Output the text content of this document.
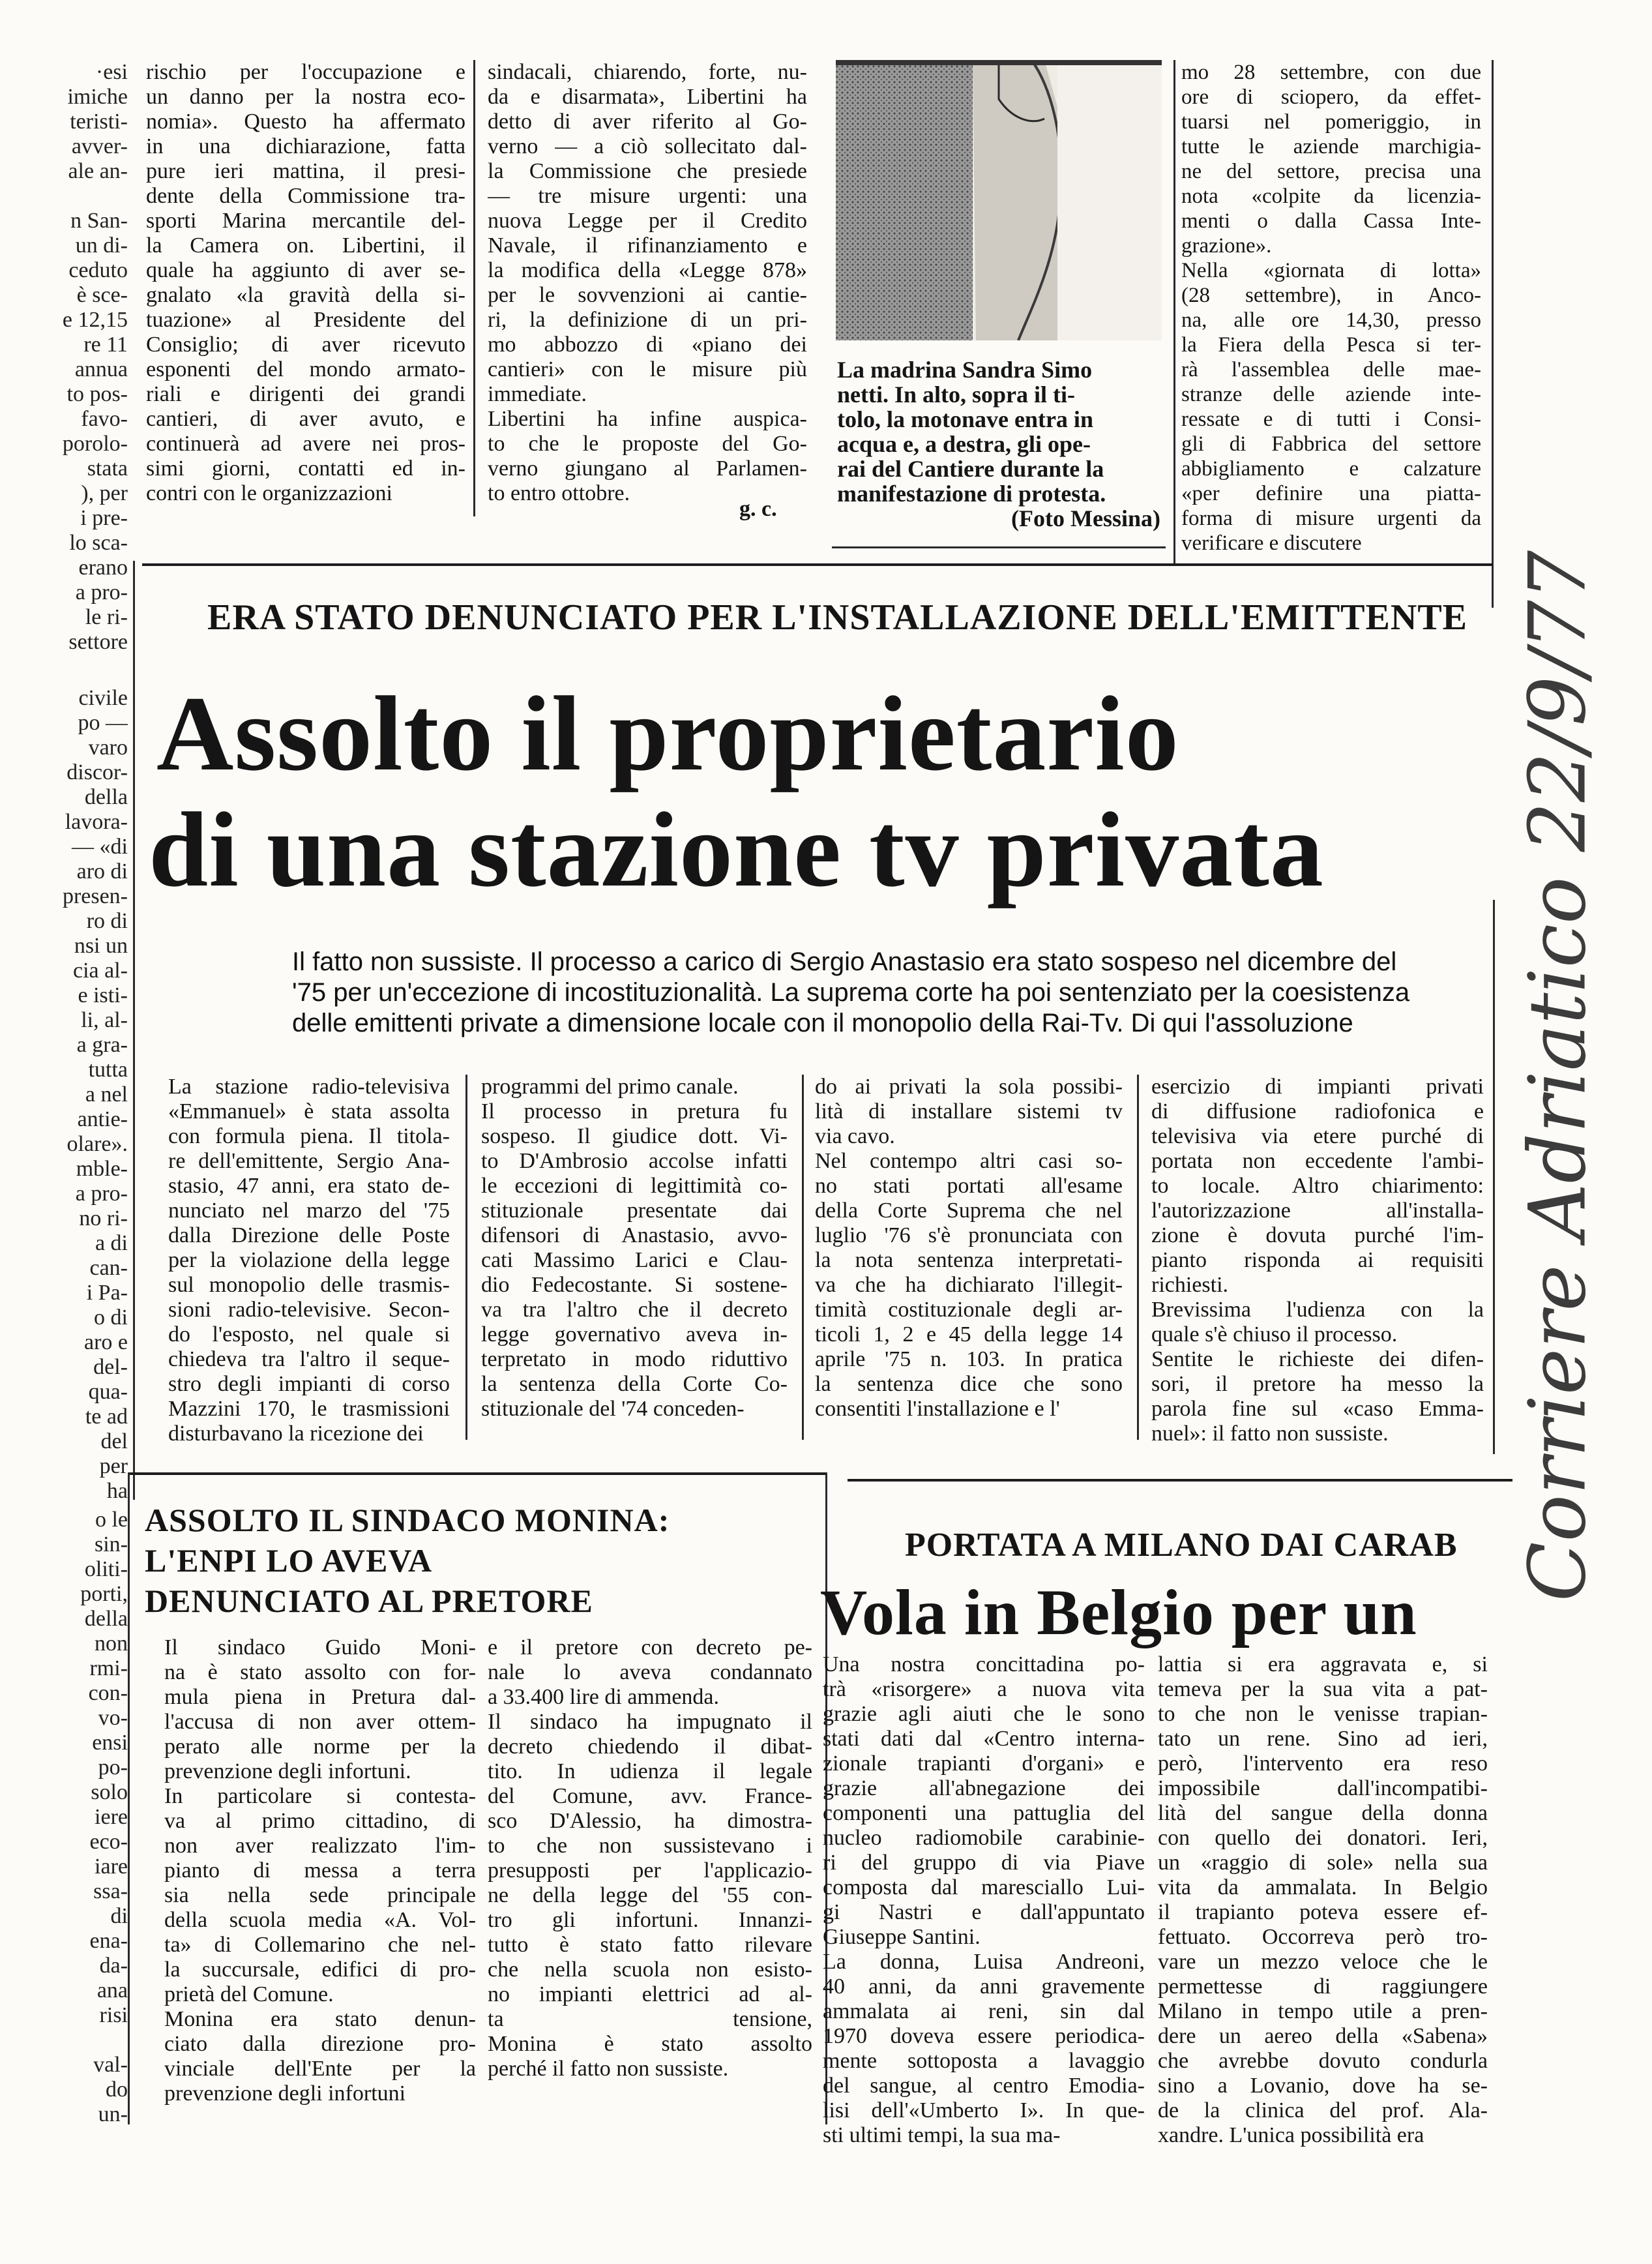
·esi
imiche
teristi-
avver-
ale an-

n San-
un di-
ceduto
è sce-
e 12,15
re 11
annua
to pos-
favo-
porolo-
stata
), per
i pre-
lo sca-
erano
a pro-
le ri-
settore
civile
po —
varo
discor-
della
lavora-
— «di
aro di
presen-
ro di
nsi un
cia al-
e isti-
li, al-
a gra-
tutta
a nel
antie-
olare».
mble-
a pro-
no ri-
a di
can-
i Pa-
o di
aro e
del-
qua-
te ad
del
per
ha
o le
sin-
oliti-
porti,
della
non
rmi-
con-
vo-
ensi
po-
solo
iere
eco-
iare
ssa-
di
ena-
da-
ana
risi

val-
do
un-
rischio per l'occupazione e
un danno per la nostra eco-
nomia». Questo ha affermato
in una dichiarazione, fatta
pure ieri mattina, il presi-
dente della Commissione tra-
sporti Marina mercantile del-
la Camera on. Libertini, il
quale ha aggiunto di aver se-
gnalato «la gravità della si-
tuazione» al Presidente del
Consiglio; di aver ricevuto
esponenti del mondo armato-
riali e dirigenti dei grandi
cantieri, di aver avuto, e
continuerà ad avere nei pros-
simi giorni, contatti ed in-
contri con le organizzazioni
sindacali, chiarendo, forte, nu-
da e disarmata», Libertini ha
detto di aver riferito al Go-
verno — a ciò sollecitato dal-
la Commissione che presiede
— tre misure urgenti: una
nuova Legge per il Credito
Navale, il rifinanziamento e
la modifica della «Legge 878»
per le sovvenzioni ai cantie-
ri, la definizione di un pri-
mo abbozzo di «piano dei
cantieri» con le misure più
immediate.
Libertini ha infine auspica-
to che le proposte del Go-
verno giungano al Parlamen-
to entro ottobre.
g. c.
La madrina Sandra Simo
netti. In alto, sopra il ti-
tolo, la motonave entra in
acqua e, a destra, gli ope-
rai del Cantiere durante la
manifestazione di protesta.
(Foto Messina)
mo 28 settembre, con due
ore di sciopero, da effet-
tuarsi nel pomeriggio, in
tutte le aziende marchigia-
ne del settore, precisa una
nota «colpite da licenzia-
menti o dalla Cassa Inte-
grazione».
Nella «giornata di lotta»
(28 settembre), in Anco-
na, alle ore 14,30, presso
la Fiera della Pesca si ter-
rà l'assemblea delle mae-
stranze delle aziende inte-
ressate e di tutti i Consi-
gli di Fabbrica del settore
abbigliamento e calzature
«per definire una piatta-
forma di misure urgenti da
verificare e discutere
ERA STATO DENUNCIATO PER L'INSTALLAZIONE DELL'EMITTENTE
Assolto il proprietario
di una stazione tv privata
Il fatto non sussiste. Il processo a carico di Sergio Anastasio era stato sospeso nel dicembre del
'75 per un'eccezione di incostituzionalità. La suprema corte ha poi sentenziato per la coesistenza
delle emittenti private a dimensione locale con il monopolio della Rai-Tv. Di qui l'assoluzione
La stazione radio-televisiva
«Emmanuel» è stata assolta
con formula piena. Il titola-
re dell'emittente, Sergio Ana-
stasio, 47 anni, era stato de-
nunciato nel marzo del '75
dalla Direzione delle Poste
per la violazione della legge
sul monopolio delle trasmis-
sioni radio-televisive. Secon-
do l'esposto, nel quale si
chiedeva tra l'altro il seque-
stro degli impianti di corso
Mazzini 170, le trasmissioni
disturbavano la ricezione dei
programmi del primo canale.
Il processo in pretura fu
sospeso. Il giudice dott. Vi-
to D'Ambrosio accolse infatti
le eccezioni di legittimità co-
stituzionale presentate dai
difensori di Anastasio, avvo-
cati Massimo Larici e Clau-
dio Fedecostante. Si sostene-
va tra l'altro che il decreto
legge governativo aveva in-
terpretato in modo riduttivo
la sentenza della Corte Co-
stituzionale del '74 conceden-
do ai privati la sola possibi-
lità di installare sistemi tv
via cavo.
Nel contempo altri casi so-
no stati portati all'esame
della Corte Suprema che nel
luglio '76 s'è pronunciata con
la nota sentenza interpretati-
va che ha dichiarato l'illegit-
timità costituzionale degli ar-
ticoli 1, 2 e 45 della legge 14
aprile '75 n. 103. In pratica
la sentenza dice che sono
consentiti l'installazione e l'
esercizio di impianti privati
di diffusione radiofonica e
televisiva via etere purché di
portata non eccedente l'ambi-
to locale. Altro chiarimento:
l'autorizzazione all'installa-
zione è dovuta purché l'im-
pianto risponda ai requisiti
richiesti.
Brevissima l'udienza con la
quale s'è chiuso il processo.
Sentite le richieste dei difen-
sori, il pretore ha messo la
parola fine sul «caso Emma-
nuel»: il fatto non sussiste.
ASSOLTO IL SINDACO MONINA:
L'ENPI LO AVEVA
DENUNCIATO AL PRETORE
Il sindaco Guido Moni-
na è stato assolto con for-
mula piena in Pretura dal-
l'accusa di non aver ottem-
perato alle norme per la
prevenzione degli infortuni.
In particolare si contesta-
va al primo cittadino, di
non aver realizzato l'im-
pianto di messa a terra
sia nella sede principale
della scuola media «A. Vol-
ta» di Collemarino che nel-
la succursale, edifici di pro-
prietà del Comune.
Monina era stato denun-
ciato dalla direzione pro-
vinciale dell'Ente per la
prevenzione degli infortuni
e il pretore con decreto pe-
nale lo aveva condannato
a 33.400 lire di ammenda.
Il sindaco ha impugnato il
decreto chiedendo il dibat-
tito. In udienza il legale
del Comune, avv. France-
sco D'Alessio, ha dimostra-
to che non sussistevano i
presupposti per l'applicazio-
ne della legge del '55 con-
tro gli infortuni. Innanzi-
tutto è stato fatto rilevare
che nella scuola non esisto-
no impianti elettrici ad al-
ta tensione,
Monina è stato assolto
perché il fatto non sussiste.
PORTATA A MILANO DAI CARAB
Vola in Belgio per un
Una nostra concittadina po-
trà «risorgere» a nuova vita
grazie agli aiuti che le sono
stati dati dal «Centro interna-
zionale trapianti d'organi» e
grazie all'abnegazione dei
componenti una pattuglia del
nucleo radiomobile carabinie-
ri del gruppo di via Piave
composta dal maresciallo Lui-
gi Nastri e dall'appuntato
Giuseppe Santini.
La donna, Luisa Andreoni,
40 anni, da anni gravemente
ammalata ai reni, sin dal
1970 doveva essere periodica-
mente sottoposta a lavaggio
del sangue, al centro Emodia-
lisi dell'«Umberto I». In que-
sti ultimi tempi, la sua ma-
lattia si era aggravata e, si
temeva per la sua vita a pat-
to che non le venisse trapian-
tato un rene. Sino ad ieri,
però, l'intervento era reso
impossibile dall'incompatibi-
lità del sangue della donna
con quello dei donatori. Ieri,
un «raggio di sole» nella sua
vita da ammalata. In Belgio
il trapianto poteva essere ef-
fettuato. Occorreva però tro-
vare un mezzo veloce che le
permettesse di raggiungere
Milano in tempo utile a pren-
dere un aereo della «Sabena»
che avrebbe dovuto condurla
sino a Lovanio, dove ha se-
de la clinica del prof. Ala-
xandre. L'unica possibilità era
Corriere Adriatico 22/9/77
